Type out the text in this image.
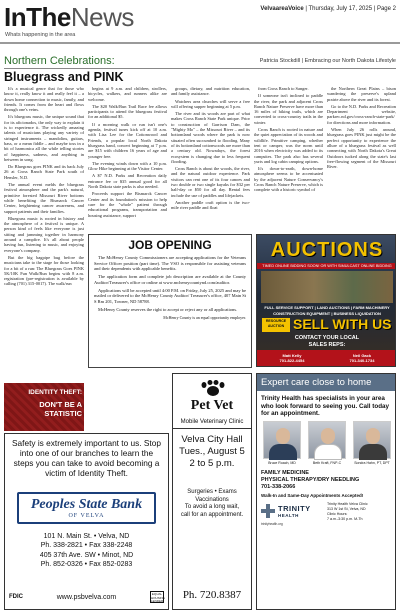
InTheNews
Whats happening in the area
VelvaareaVoice | Thursday, July 17, 2025 | Page 2
Northern Celebrations:	Patricia Stockdill | Embracing our North Dakota Lifestyle
Bluegrass and PINK

It's a musical genre that for those who know it, really know it and really feel it – a down home connection to music, family, and friends. It comes from the heart and flows through one's veins.

It's bluegrass music, the unique sound that for its aficionados, the only way to explain it is to experience it. The wickedly amazing talents of musicians playing any variety of stringed instruments – mandolins, guitars, bass, or a mean fiddle – and maybe toss in a bit of harmonica all the while telling stories of happiness, sadness, and anything in between in song.

Do Bluegrass goes PINK and its back July 26 at Cross Ranch State Park south of Hensler, N.D.

The annual event melds the bluegrass festival atmosphere and the park's natural, primitive forested Missouri River bottoms while benefiting the Bismarck Cancer Center, heightening cancer awareness, and support patients and their families.

Bluegrass music is rooted in history and the atmosphere of a festival is unique. A person kind of feels like everyone is just sitting and jamming together in harmony around a campfire. It's all about people having fun, listening to music, and enjoying everyone's company.

But the big bagpipe bug before the musicians take to the stage for those looking for a bit of a run: The Bluegrass Goes PINK 5K/10K Fun Walk/Run begins with 8 a.m. registration (pre-registration is available by calling (701) 315-0017). The walk/run

begins at 9 a.m. and children, strollers, bicycles, walkers, and runners alike are welcome.

The $20 Walk/Run Trail Race fee allows participants to attend the bluegrass festival for an additional $5.

If a morning walk or run isn't one's agenda, festival tunes kick off at 10 a.m. with Lisa Lee for the Cottonwood and Friends, a popular local North Dakota bluegrass band, concert beginning at 7 p.m. are $15 with children 16 years of age and younger free.

The evening winds down with a 10 p.m. Glow Hike beginning at the Visitor Center.

A $7 N.D. Parks and Recreation daily entrance fee or $35 annual good for all North Dakota state parks is also needed.

Proceeds support the Bismarck Cancer Center and its foundation's mission to help care for the "whole" patient through educational programs, transportation and housing assistance, support

groups, dietary, and nutrition education, and family assistance.

Watchers area churches will serve a free will offering supper beginning at 5 p.m.

The river and its woods are part of what makes Cross Ranch State Park unique. Prior to construction of Garrison Dam, the "Mighty Mo" – the Missouri River – and its bottomland woods where the park is now situated often succumbed to flooding. Many of its bottomland cottonwoods are more than a century old. Nowadays, the forest ecosystem is changing due to less frequent flooding.

Cross Ranch is about the woods, the river, and the natural outdoor experience. Park visitors can rent one of its four canoes and two double or two single kayaks for $32 per half-day or $50 for all day. Rental fees include the use of paddles and lifejackets.

Another paddle craft option is the two-mile river paddle and float

from Cross Ranch to Sanger.

If someone isn't inclined to paddle the river, the park and adjacent Cross Ranch Nature Preserve have more than 16 miles of hiking trails, which are converted to cross-country trails in the winter.

Cross Ranch is rooted in nature and the quiet appreciation of its woods and wildlife. Primitive camping, whether tent or camper, was the norm until 2016 when electricity was added to its campsites. The park also has several yurts and log cabin camping options.

It's down-to-earth, down-home atmosphere seems to be accentuated by the adjacent Nature Conservancy's Cross Ranch Nature Preserve, which is complete with a historic symbol of

the Northern Great Plains – bison wandering the preserve's upland prairie above the river and its forest.

Go to the N.D. Parks and Recreation Department website, parkrec.nd.gov/cross-ranch-state-park/ for directions and more information.

When July 26 rolls around, bluegrass goes PINK just might be the perfect opportunity to experience the allure of a bluegrass festival as well connecting with North Dakota's Great Outdoors tucked along the state's last free-flowing segment of the Missouri River.

JOB OPENING

The McHenry County Commissioners are accepting applications for the Veterans Service Officer position (part time). The VSO is responsible for assisting veterans and their dependents with applicable benefits.

The application form and complete job description are available at the County Auditor/Treasurer's office or online at www.mchenrycountynd.com/auditor.

Applications will be accepted until 4:00 P.M. on Friday, July 25, 2025 and may be mailed or delivered to the McHenry County Auditor/ Treasurer's office, 407 Main St S Rm 201, Towner, ND 58788.

McHenry County reserves the right to accept or reject any or all applications.

McHenry County is an equal opportunity employer.

AUCTIONS
TIMED ONLINE BIDDING SOON! OR WITH SIMULCAST ONLINE BIDDING
FULL SERVICE SUPPORT | LAND AUCTIONS | FARM MACHINERY
CONSTRUCTION EQUIPMENT | BUSINESS LIQUIDATION
RESOURCE AUCTION SELL WITH US
CONTACT YOUR LOCAL
SALES REPS:
Matt Kelly
701-822-4454
Neil Gack
701-340-1734
IDENTITY THEFT:
DON'T BE A STATISTIC
Safety is extremely important to us. Stop into one of our branches to learn the steps you can take to avoid becoming a victim of Identity Theft.
Peoples State Bank
OF VELVA
101 N. Main St. • Velva, ND
Ph. 338-2821 • Fax 338-2248
405 37th Ave. SW • Minot, ND
Ph. 852-0326 • Fax 852-0283
www.psbvelva.com
FDIC	EQUAL HOUSING LENDER
Pet Vet
Mobile Veterinary Clinic
Velva City Hall
Tues., August 5
2 to 5 p.m.
Surgeries • Exams
Vaccinations
To avoid a long wait,
call for an appointment.
Ph. 720.8387
Expert care close to home
Trinity Health has specialists in your area who look forward to seeing you. Call today for an appointment.
Bruce Roach, MD	Beth Kraft, FNP-C	Sondra Hahn, PT, DPT
FAMILY MEDICINE
PHYSICAL THERAPY/DRY NEEDLING
701-338-2066
Walk-In and Same-Day Appointments Accepted!
TRINITY
HEALTH
Trinity Health Velva Clinic
313 W 1st St, Velva, ND
Clinic Hours:
7 a.m.-3:30 p.m. M-Th
trinityhealth.org
